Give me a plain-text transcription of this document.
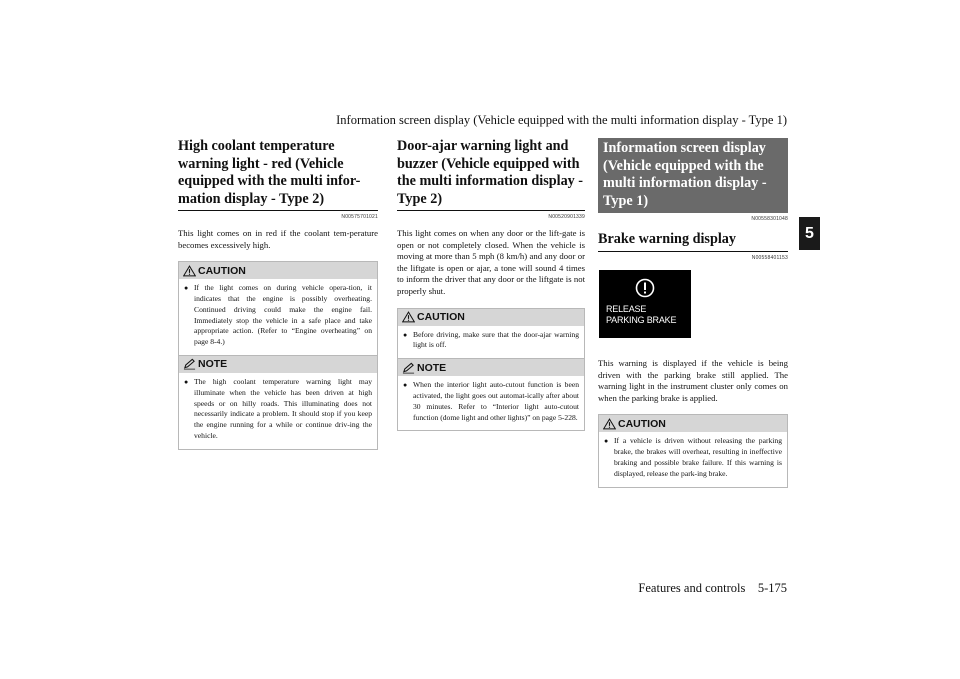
Information screen display (Vehicle equipped with the multi information display - Type 1)
5
High coolant temperature warning light - red (Vehicle equipped with the multi infor-mation display - Type 2)
N00575701021

This light comes on in red if the coolant tem-perature becomes excessively high.

CAUTION
● If the light comes on during vehicle opera-tion, it indicates that the engine is possibly overheating. Continued driving could make the engine fail. Immediately stop the vehicle in a safe place and take appropriate action. (Refer to “Engine overheating” on page 8-4.)
NOTE
● The high coolant temperature warning light may illuminate when the vehicle has been driven at high speeds or on hilly roads. This illuminating does not necessarily indicate a problem. It should stop if you keep the engine running for a while or continue driv-ing the vehicle.
Door-ajar warning light and buzzer (Vehicle equipped with the multi information display - Type 2)
N00520901339

This light comes on when any door or the lift-gate is open or not completely closed. When the vehicle is moving at more than 5 mph (8 km/h) and any door or the liftgate is open or ajar, a tone will sound 4 times to inform the driver that any door or the liftgate is not properly shut.

CAUTION
● Before driving, make sure that the door-ajar warning light is off.
NOTE
● When the interior light auto-cutout function is been activated, the light goes out automat-ically after about 30 minutes. Refer to “Interior light auto-cutout function (dome light and other lights)” on page 5-228.
Information screen display (Vehicle equipped with the multi information display - Type 1)
N00558301048
Brake warning display
N00558401153
RELEASE
PARKING BRAKE

This warning is displayed if the vehicle is being driven with the parking brake still applied. The warning light in the instrument cluster only comes on when the parking brake is applied.

CAUTION
● If a vehicle is driven without releasing the parking brake, the brakes will overheat, resulting in ineffective braking and possible brake failure. If this warning is displayed, release the park-ing brake.
Features and controls    5-175
